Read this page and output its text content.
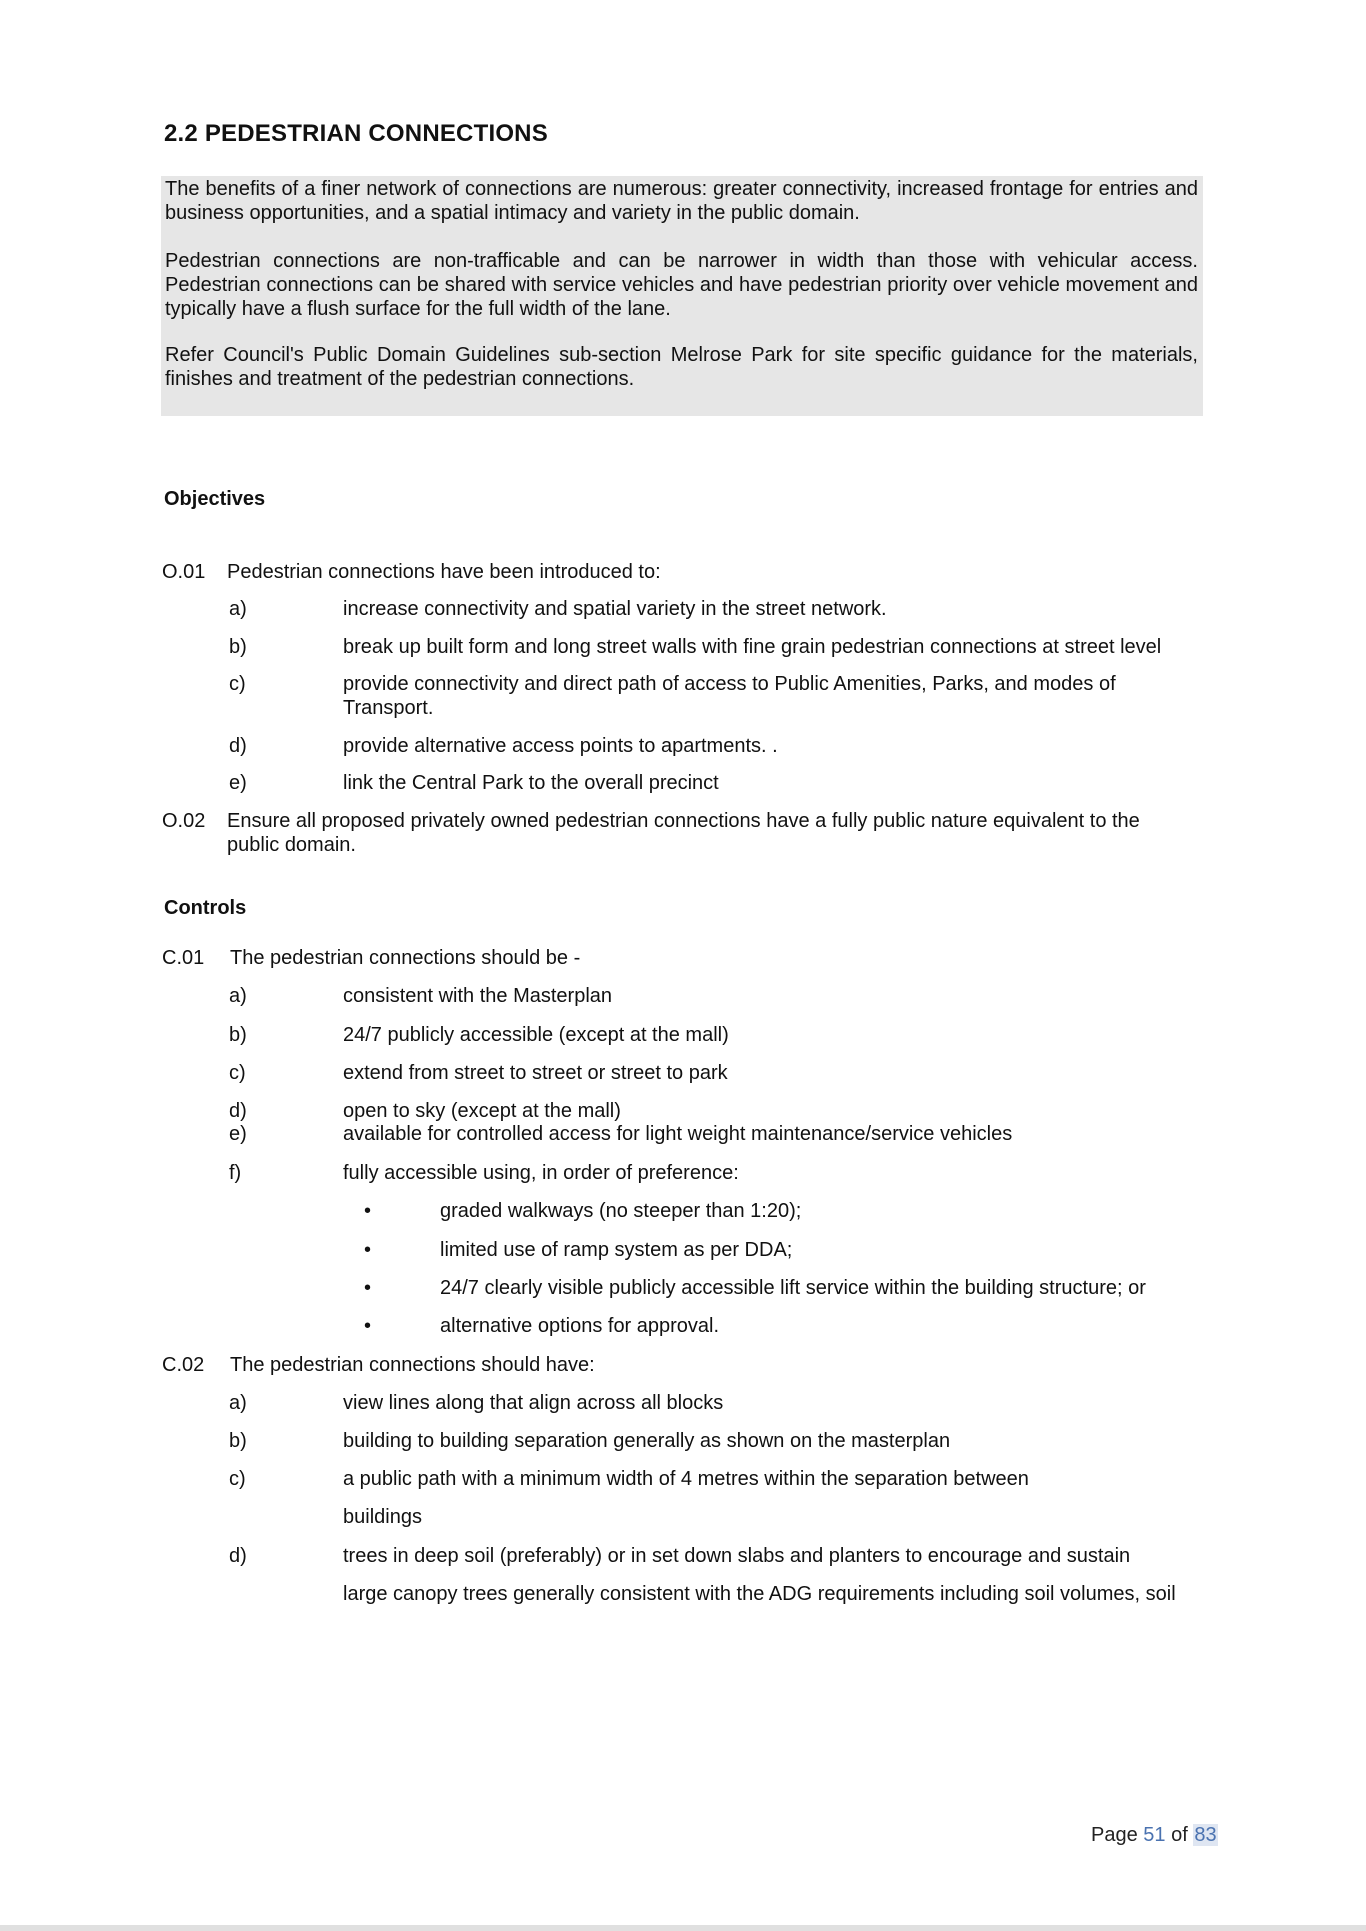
2.2 PEDESTRIAN CONNECTIONS
The benefits of a finer network of connections are numerous: greater connectivity, increased frontage for entries and business opportunities, and a spatial intimacy and variety in the public domain.
Pedestrian connections are non-trafficable and can be narrower in width than those with vehicular access. Pedestrian connections can be shared with service vehicles and have pedestrian priority over vehicle movement and typically have a flush surface for the full width of the lane.
Refer Council's Public Domain Guidelines sub-section Melrose Park for site specific guidance for the materials, finishes and treatment of the pedestrian connections.
Objectives
O.01 Pedestrian connections have been introduced to:
a)	increase connectivity and spatial variety in the street network.
b)	break up built form and long street walls with fine grain pedestrian connections at street level
c)	provide connectivity and direct path of access to Public Amenities, Parks, and modes of Transport.
d)	provide alternative access points to apartments. .
e)	link the Central Park to the overall precinct
O.02 Ensure all proposed privately owned pedestrian connections have a fully public nature equivalent to the public domain.
Controls
C.01 The pedestrian connections should be -
a)	consistent with the Masterplan
b)	24/7 publicly accessible (except at the mall)
c)	extend from street to street or street to park
d)	open to sky (except at the mall)
e)	available for controlled access for light weight maintenance/service vehicles
f)	fully accessible using, in order of preference:
•	graded walkways (no steeper than 1:20);
•	limited use of ramp system as per DDA;
•	24/7 clearly visible publicly accessible lift service within the building structure; or
•	alternative options for approval.
C.02 The pedestrian connections should have:
a)	view lines along that align across all blocks
b)	building to building separation generally as shown on the masterplan
c)	a public path with a minimum width of 4 metres within the separation between
buildings
d)	trees in deep soil (preferably) or in set down slabs and planters to encourage and sustain
large canopy trees generally consistent with the ADG requirements including soil volumes, soil
Page 51 of 83
